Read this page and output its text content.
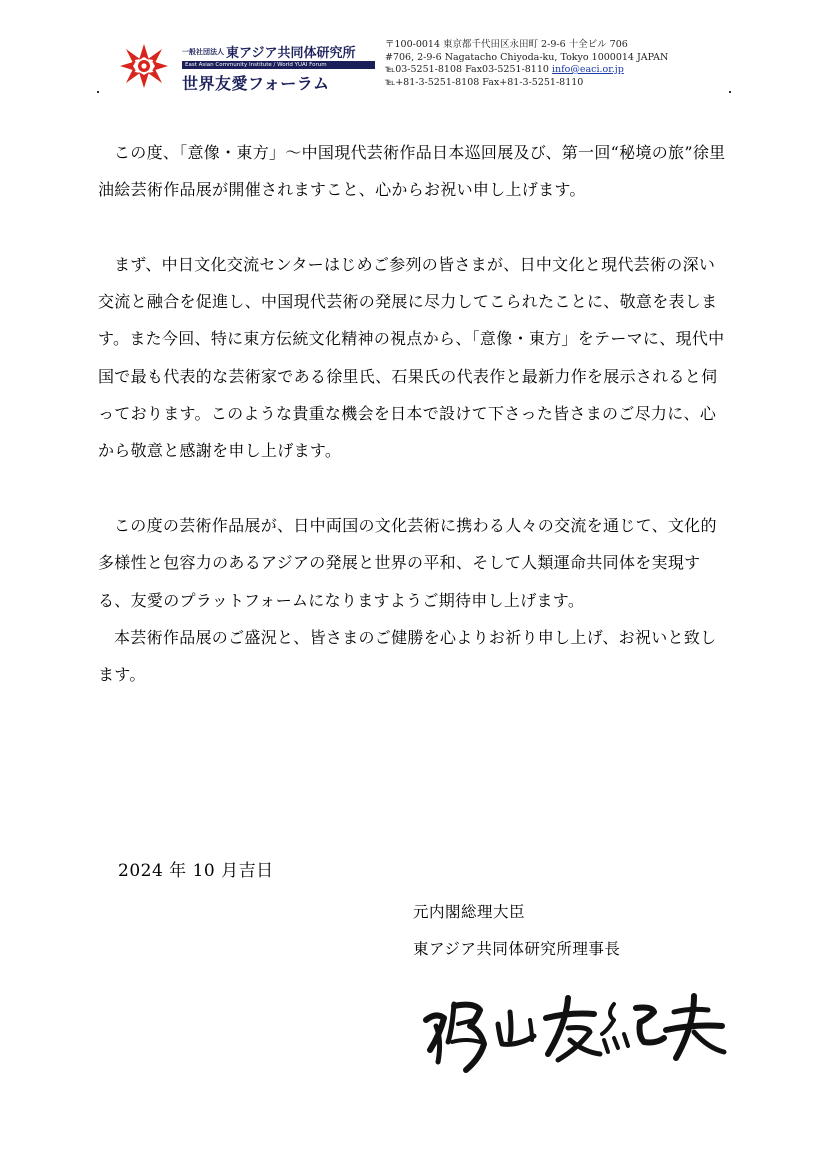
$^{一般社団法人}$ 東アジア共同体研究所
East Asian Community Institute / World YUAI Forum
世界友愛フォーラム
〒100-0014 東京都千代田区永田町 2-9-6 十全ビル 706
#706, 2-9-6 Nagatacho Chiyoda-ku, Tokyo 1000014 JAPAN
℡03-5251-8108 Fax03-5251-8110 info@eaci.or.jp
℡+81-3-5251-8108 Fax+81-3-5251-8110

この度、「意像・東方」～中国現代芸術作品日本巡回展及び、第一回“秘境の旅”徐里油絵芸術作品展が開催されますこと、心からお祝い申し上げます。

まず、中日文化交流センターはじめご参列の皆さまが、日中文化と現代芸術の深い交流と融合を促進し、中国現代芸術の発展に尽力してこられたことに、敬意を表します。また今回、特に東方伝統文化精神の視点から、「意像・東方」をテーマに、現代中国で最も代表的な芸術家である徐里氏、石果氏の代表作と最新力作を展示されると伺っております。このような貴重な機会を日本で設けて下さった皆さまのご尽力に、心から敬意と感謝を申し上げます。

この度の芸術作品展が、日中両国の文化芸術に携わる人々の交流を通じて、文化的多様性と包容力のあるアジアの発展と世界の平和、そして人類運命共同体を実現する、友愛のプラットフォームになりますようご期待申し上げます。

本芸術作品展のご盛況と、皆さまのご健勝を心よりお祈り申し上げ、お祝いと致します。

2024 年 10 月吉日
元内閣総理大臣
東アジア共同体研究所理事長
